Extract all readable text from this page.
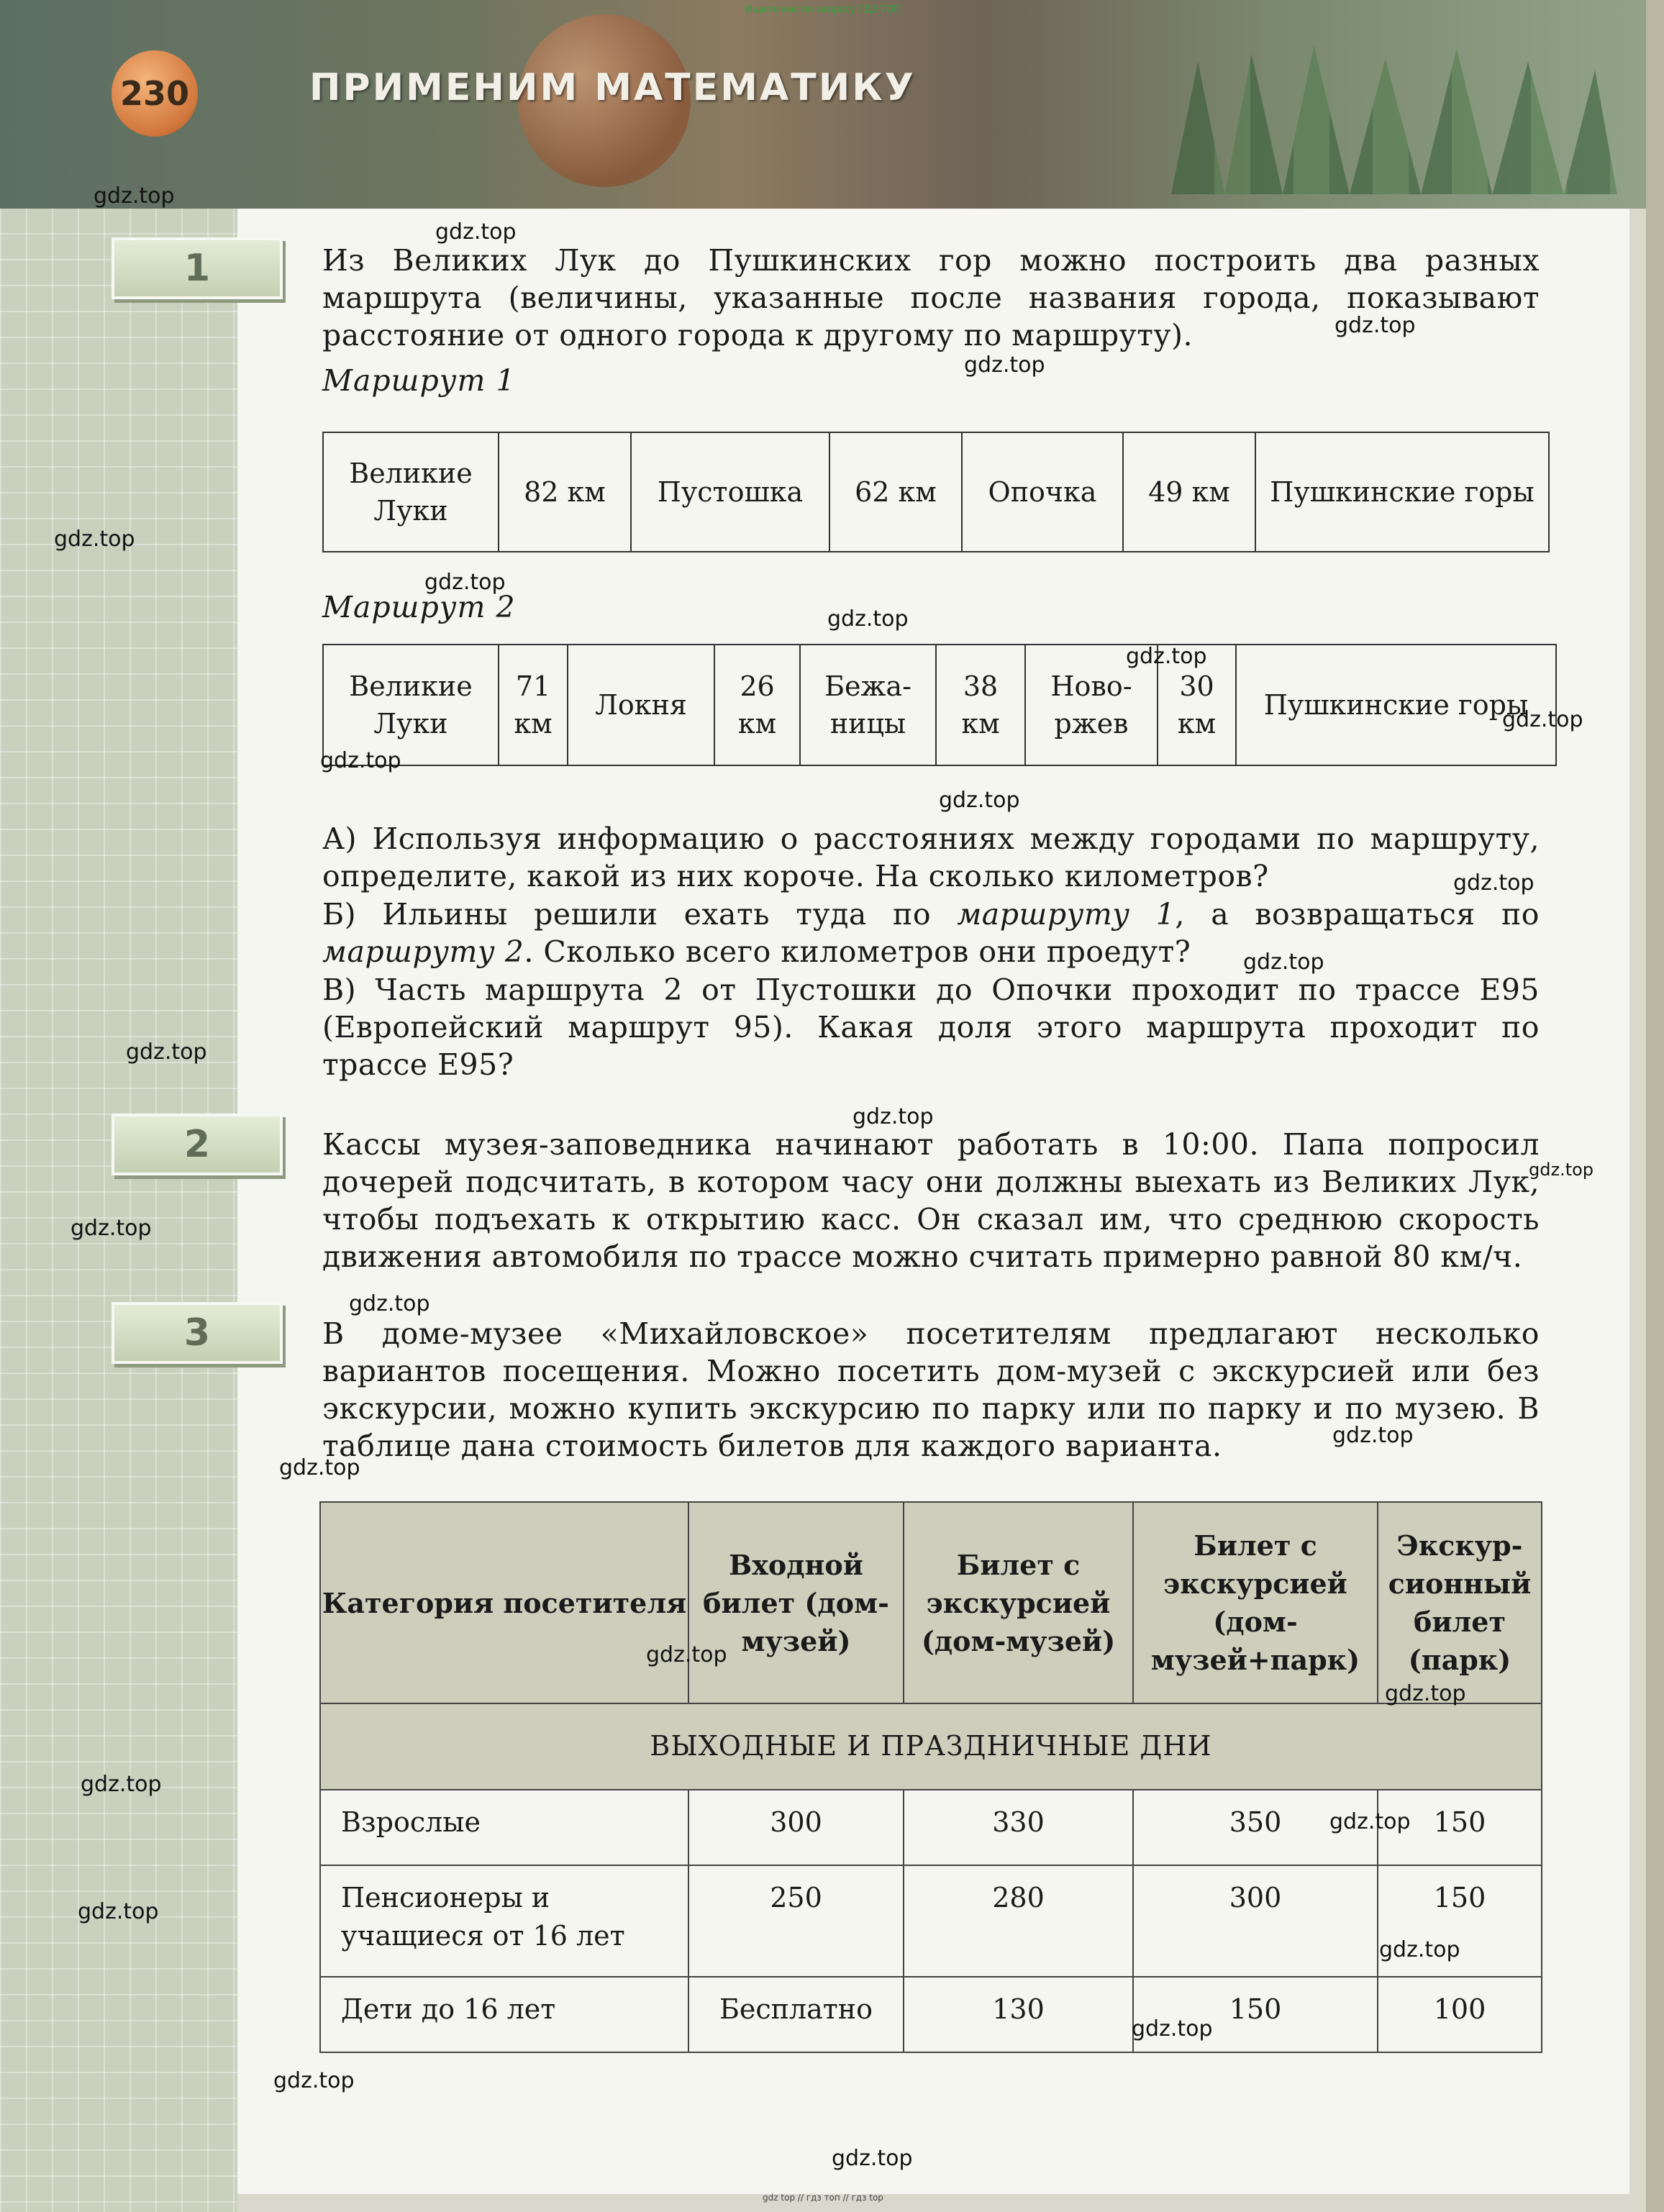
Ищите нас по запросу ГДЗ ТОП
230	ПРИМЕНИМ МАТЕМАТИКУ
1	Из Великих Лук до Пушкинских гор можно построить два разных маршрута (величины, указанные после названия города, показывают расстояние от одного города к другому по маршруту).

Маршрут 1
Великие Луки	82 км	Пустошка	62 км	Опочка	49 км	Пушкинские горы
Маршрут 2
Великие Луки	71 км	Локня	26 км	Бежа-ницы	38 км	Ново-ржев	30 км	Пушкинские горы

А) Используя информацию о расстояниях между городами по маршруту, определите, какой из них короче. На сколько километров?

Б) Ильины решили ехать туда по маршруту 1, а возвращаться по маршруту 2. Сколько всего километров они проедут?

В) Часть маршрута 2 от Пустошки до Опочки проходит по трассе Е95 (Европейский маршрут 95). Какая доля этого маршрута проходит по трассе Е95?

2	Кассы музея-заповедника начинают работать в 10:00. Папа попросил дочерей подсчитать, в котором часу они должны выехать из Великих Лук, чтобы подъехать к открытию касс. Он сказал им, что среднюю скорость движения автомобиля по трассе можно считать примерно равной 80 км/ч.

3	В доме-музее «Михайловское» посетителям предлагают несколько вариантов посещения. Можно посетить дом-музей с экскурсией или без экскурсии, можно купить экскурсию по парку или по парку и по музею. В таблице дана стоимость билетов для каждого варианта.

Категория посетителя	Входной билет (дом-музей)	Билет с экскурсией (дом-музей)	Билет с экскурсией (дом-музей+парк)	Экскур-сионный билет (парк)
ВЫХОДНЫЕ И ПРАЗДНИЧНЫЕ ДНИ				
Взрослые	300	330	350	150
Пенсионеры и учащиеся от 16 лет	250	280	300	150
Дети до 16 лет	Бесплатно	130	150	100
gdz.top
gdz.top
gdz.top
gdz.top
gdz.top
gdz.top
gdz.top
gdz.top
gdz.top
gdz.top
gdz.top
gdz.top
gdz.top
gdz.top
gdz.top
gdz.top
gdz.top
gdz.top
gdz.top
gdz.top
gdz.top
gdz.top
gdz.top
gdz.top
gdz.top
gdz.top
gdz.top
gdz.top
gdz.top
gdz top // гдз топ // гдз top
